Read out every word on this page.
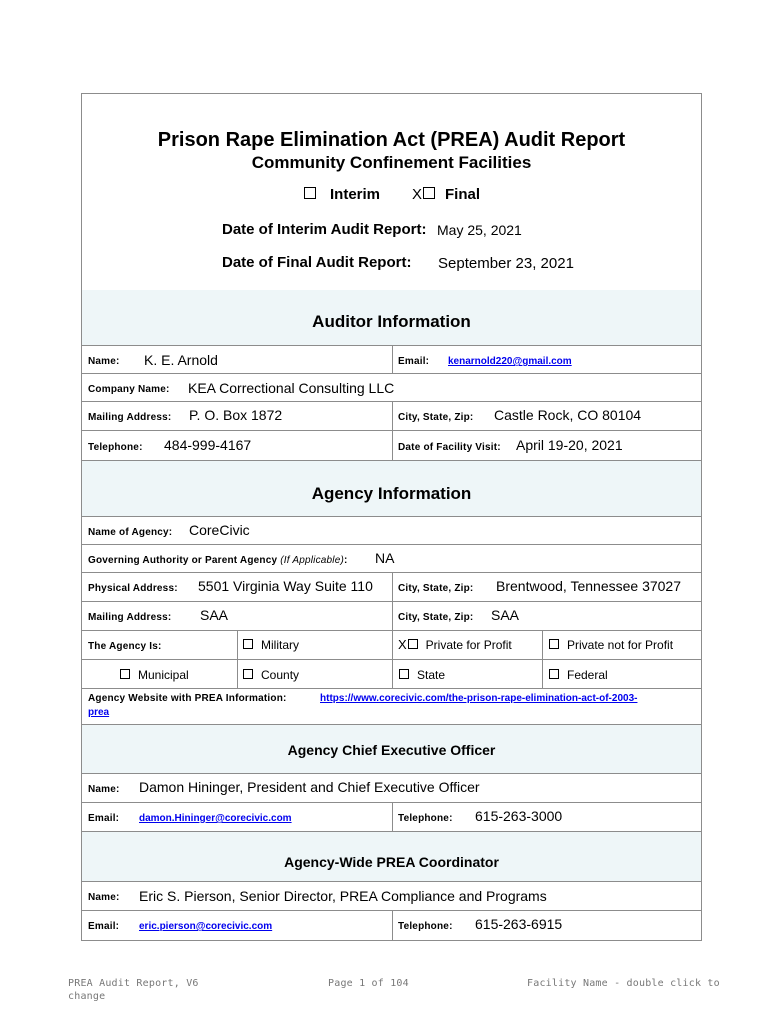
Prison Rape Elimination Act (PREA) Audit Report
Community Confinement Facilities
Interim X Final
Date of Interim Audit Report: May 25, 2021
Date of Final Audit Report: September 23, 2021
Auditor Information
Name: K. E. Arnold	Email: kenarnold220@gmail.com
Company Name: KEA Correctional Consulting LLC
Mailing Address: P. O. Box 1872	City, State, Zip: Castle Rock, CO 80104
Telephone: 484-999-4167	Date of Facility Visit: April 19-20, 2021
Agency Information
Name of Agency: CoreCivic
Governing Authority or Parent Agency (If Applicable): NA
Physical Address: 5501 Virginia Way Suite 110	City, State, Zip: Brentwood, Tennessee 37027
Mailing Address: SAA	City, State, Zip: SAA
The Agency Is:	Military	X Private for Profit	Private not for Profit
Municipal	County	State	Federal
Agency Website with PREA Information:	https://www.corecivic.com/the-prison-rape-elimination-act-of-2003-
prea
Agency Chief Executive Officer
Name: Damon Hininger, President and Chief Executive Officer
Email: damon.Hininger@corecivic.com	Telephone: 615-263-3000
Agency-Wide PREA Coordinator
Name: Eric S. Pierson, Senior Director, PREA Compliance and Programs
Email: eric.pierson@corecivic.com	Telephone: 615-263-6915
PREA Audit Report, V6
change
Page 1 of 104	Facility Name - double click to
